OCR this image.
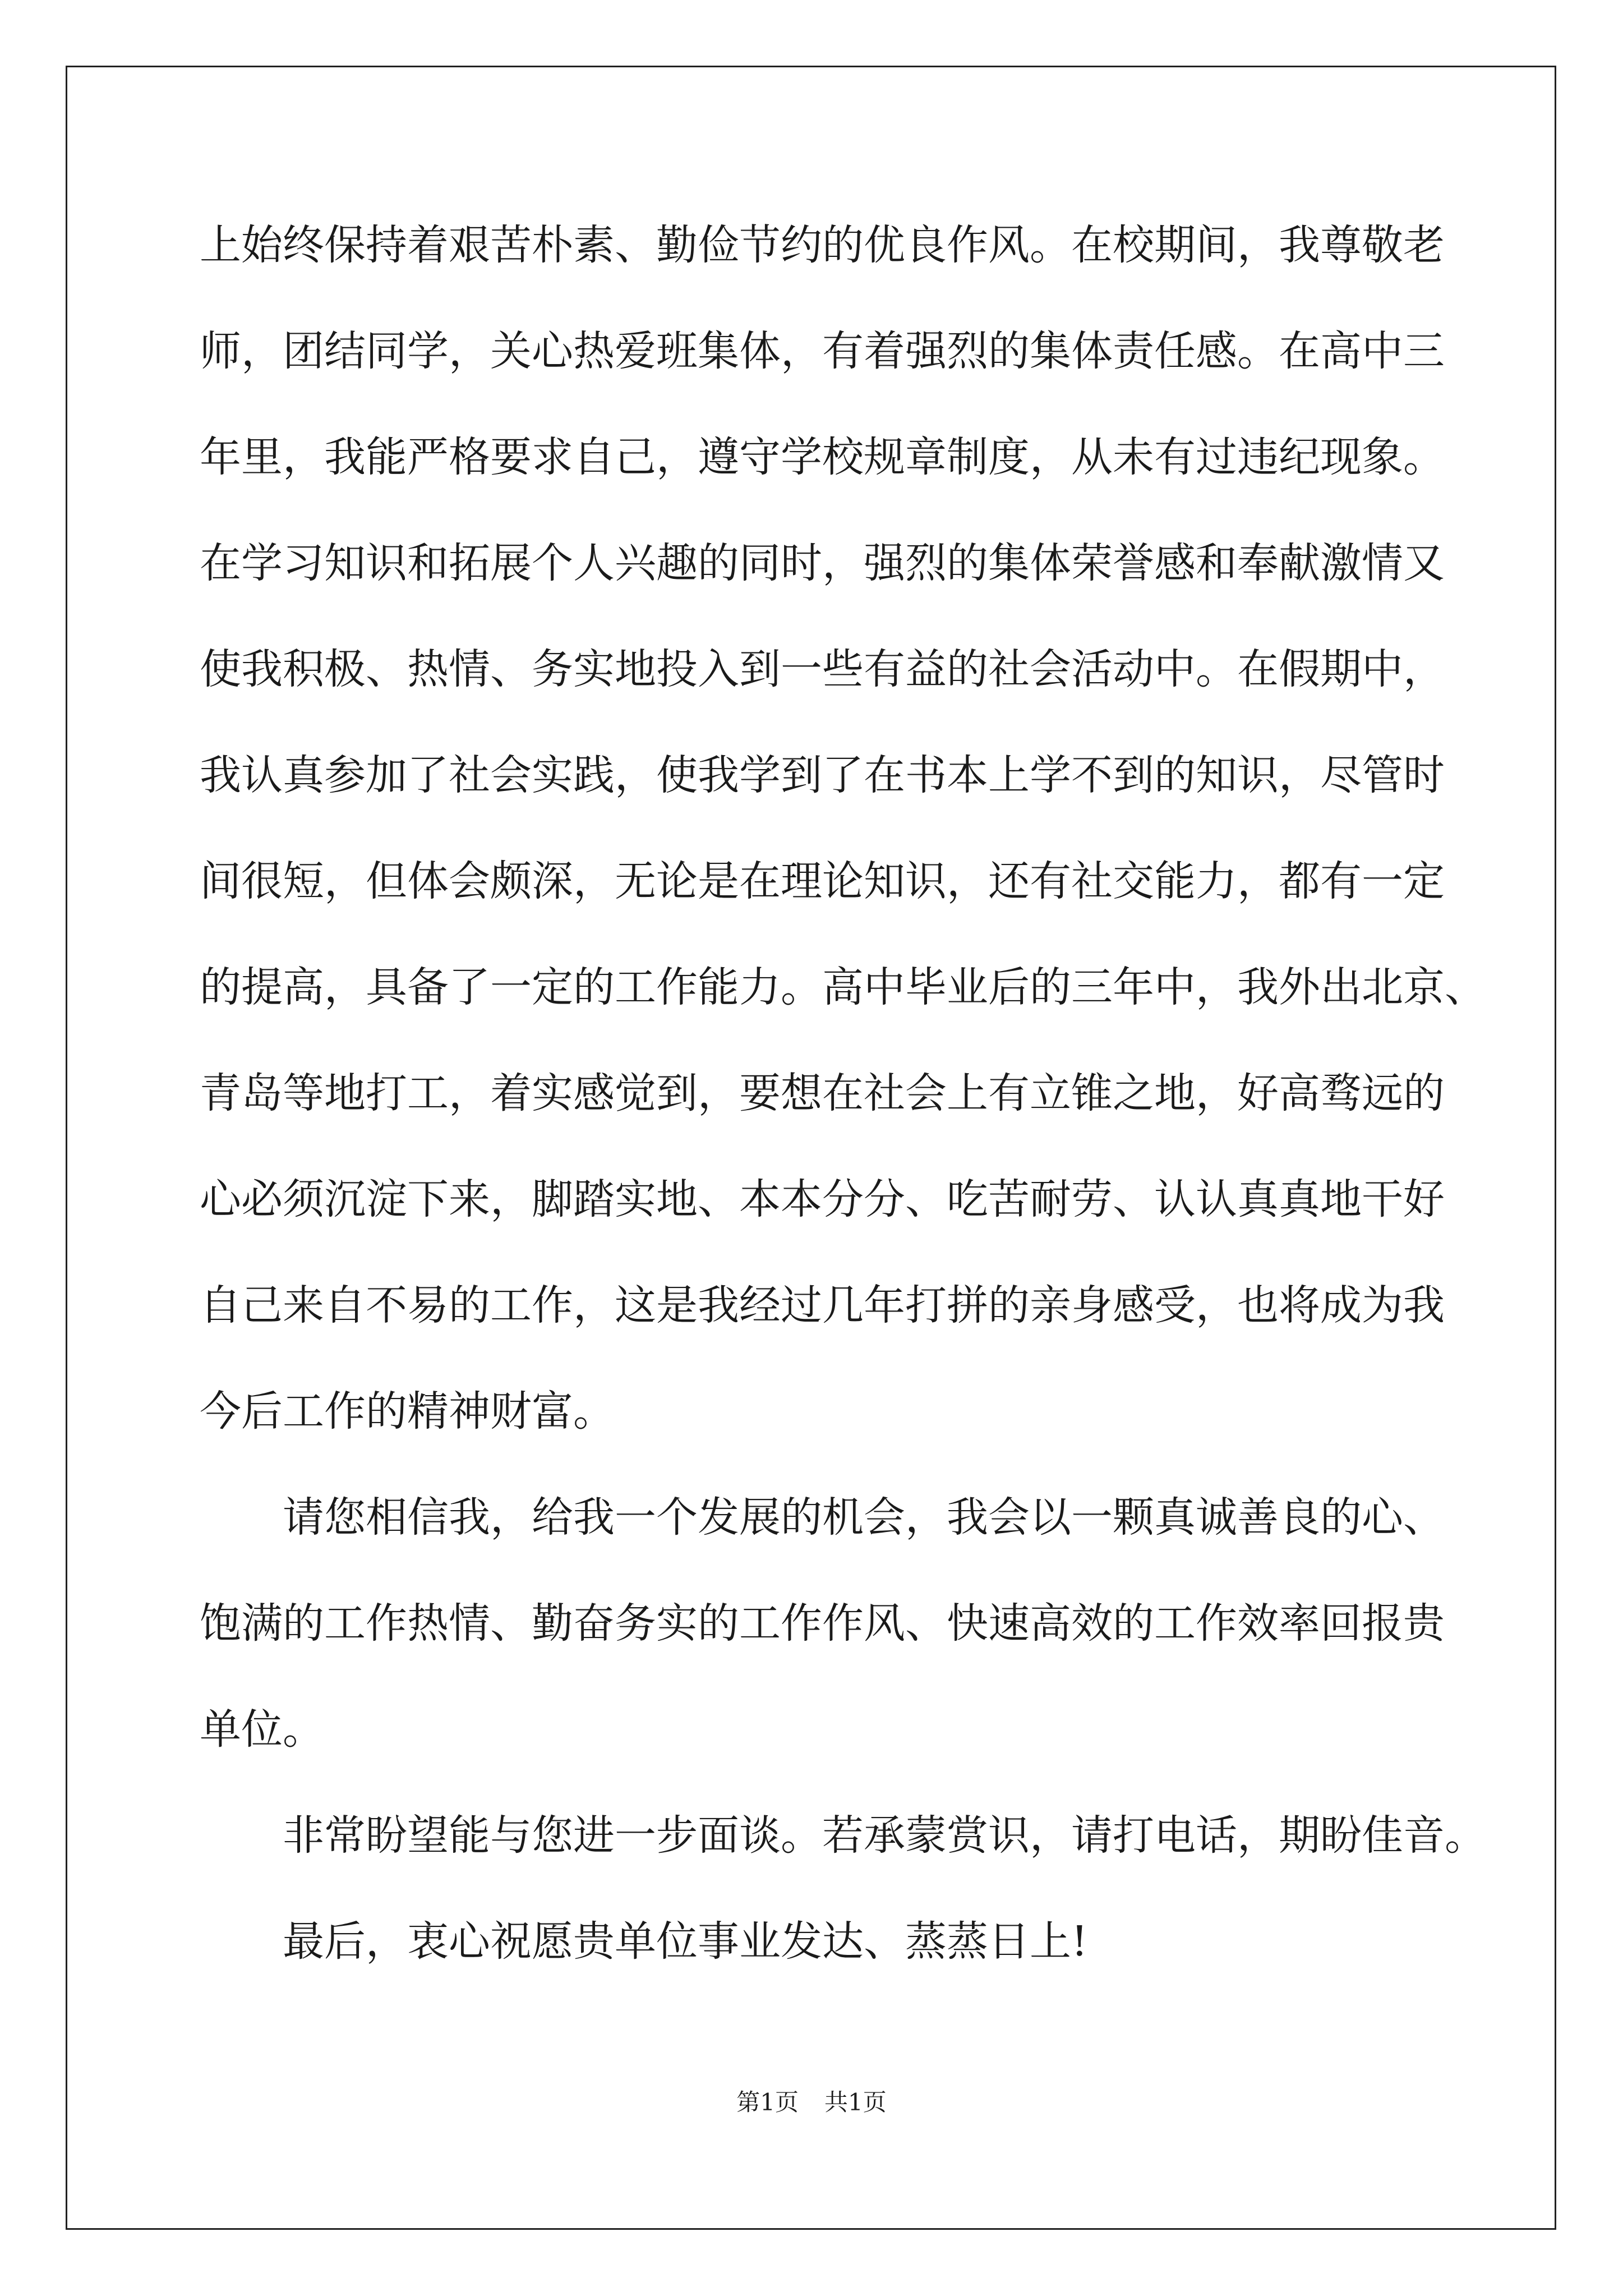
上始终保持着艰苦朴素、勤俭节约的优良作风。在校期间，我尊敬老
师，团结同学，关心热爱班集体，有着强烈的集体责任感。在高中三
年里，我能严格要求自己，遵守学校规章制度，从未有过违纪现象。
在学习知识和拓展个人兴趣的同时，强烈的集体荣誉感和奉献激情又
使我积极、热情、务实地投入到一些有益的社会活动中。在假期中，
我认真参加了社会实践，使我学到了在书本上学不到的知识，尽管时
间很短，但体会颇深，无论是在理论知识，还有社交能力，都有一定
的提高，具备了一定的工作能力。高中毕业后的三年中，我外出北京、
青岛等地打工，着实感觉到，要想在社会上有立锥之地，好高骛远的
心必须沉淀下来，脚踏实地、本本分分、吃苦耐劳、认认真真地干好
自己来自不易的工作，这是我经过几年打拼的亲身感受，也将成为我
今后工作的精神财富。
请您相信我，给我一个发展的机会，我会以一颗真诚善良的心、
饱满的工作热情、勤奋务实的工作作风、快速高效的工作效率回报贵
单位。
非常盼望能与您进一步面谈。若承蒙赏识，请打电话，期盼佳音。
最后，衷心祝愿贵单位事业发达、蒸蒸日上!
第1页 共1页
